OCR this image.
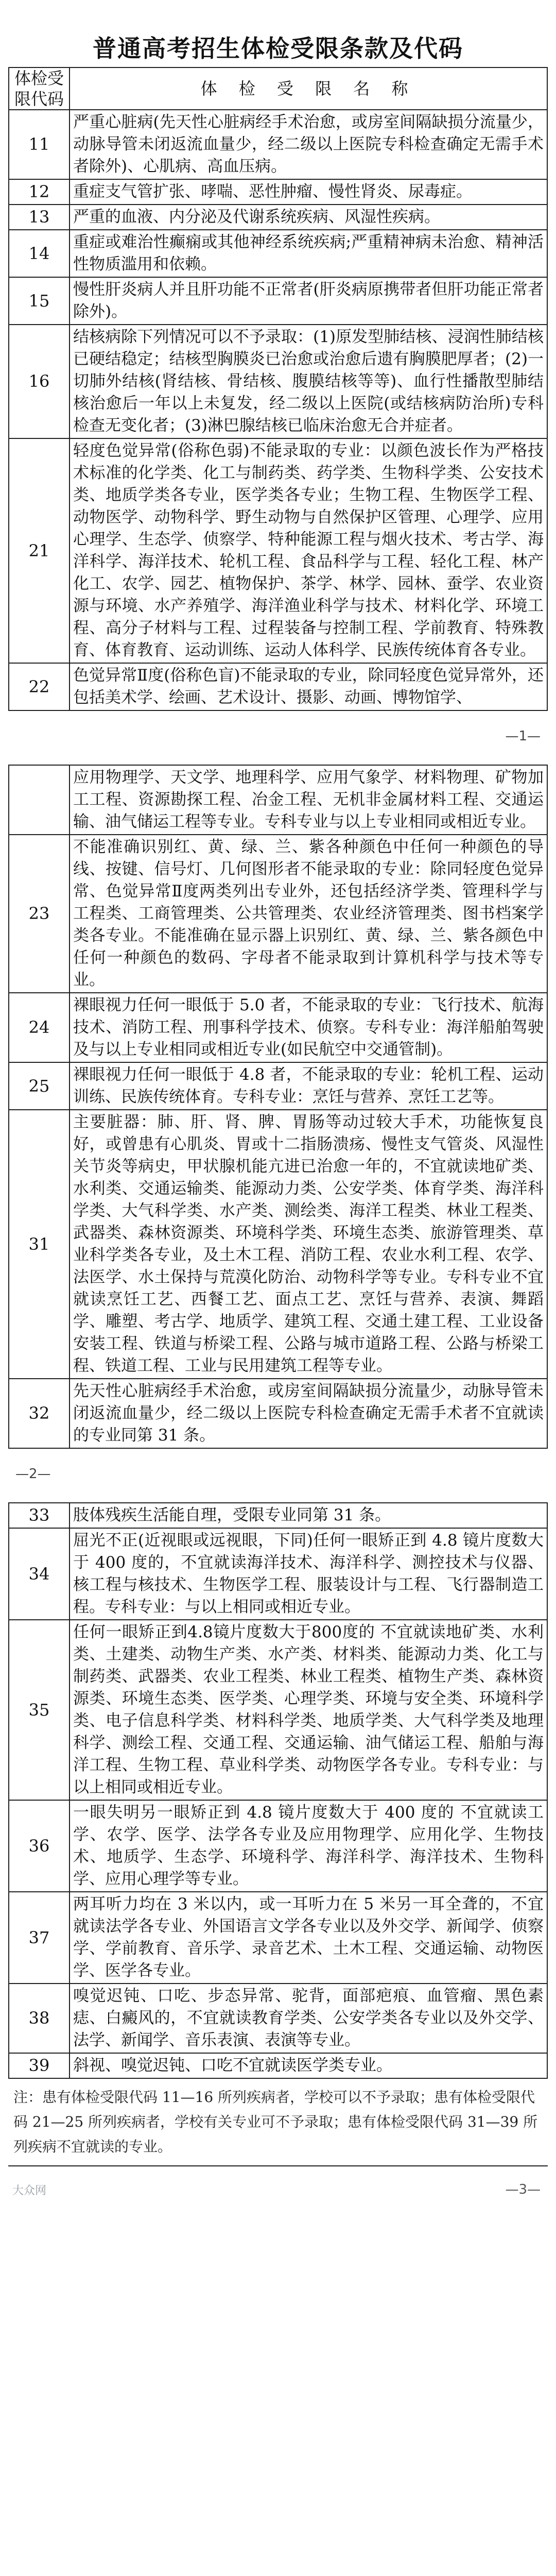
普通高考招生体检受限条款及代码
体检受限代码	体 检 受 限 名 称
11	严重心脏病(先天性心脏病经手术治愈，或房室间隔缺损分流量少，动脉导管未闭返流血量少，经二级以上医院专科检查确定无需手术者除外)、心肌病、高血压病。
12	重症支气管扩张、哮喘、恶性肿瘤、慢性肾炎、尿毒症。
13	严重的血液、内分泌及代谢系统疾病、风湿性疾病。
14	重症或难治性癫痫或其他神经系统疾病;严重精神病未治愈、精神活性物质滥用和依赖。
15	慢性肝炎病人并且肝功能不正常者(肝炎病原携带者但肝功能正常者除外)。
16	结核病除下列情况可以不予录取：(1)原发型肺结核、浸润性肺结核已硬结稳定；结核型胸膜炎已治愈或治愈后遗有胸膜肥厚者；(2)一切肺外结核(肾结核、骨结核、腹膜结核等等)、血行性播散型肺结核治愈后一年以上未复发，经二级以上医院(或结核病防治所)专科检查无变化者；(3)淋巴腺结核已临床治愈无合并症者。
21	轻度色觉异常(俗称色弱)不能录取的专业：以颜色波长作为严格技术标准的化学类、化工与制药类、药学类、生物科学类、公安技术类、地质学类各专业，医学类各专业；生物工程、生物医学工程、动物医学、动物科学、野生动物与自然保护区管理、心理学、应用心理学、生态学、侦察学、特种能源工程与烟火技术、考古学、海洋科学、海洋技术、轮机工程、食品科学与工程、轻化工程、林产化工、农学、园艺、植物保护、茶学、林学、园林、蚕学、农业资源与环境、水产养殖学、海洋渔业科学与技术、材料化学、环境工程、高分子材料与工程、过程装备与控制工程、学前教育、特殊教育、体育教育、运动训练、运动人体科学、民族传统体育各专业。
22	色觉异常Ⅱ度(俗称色盲)不能录取的专业，除同轻度色觉异常外，还包括美术学、绘画、艺术设计、摄影、动画、博物馆学、
—1—
	应用物理学、天文学、地理科学、应用气象学、材料物理、矿物加工工程、资源勘探工程、冶金工程、无机非金属材料工程、交通运输、油气储运工程等专业。专科专业与以上专业相同或相近专业。
23	不能准确识别红、黄、绿、兰、紫各种颜色中任何一种颜色的导线、按键、信号灯、几何图形者不能录取的专业：除同轻度色觉异常、色觉异常Ⅱ度两类列出专业外，还包括经济学类、管理科学与工程类、工商管理类、公共管理类、农业经济管理类、图书档案学类各专业。不能准确在显示器上识别红、黄、绿、兰、紫各颜色中任何一种颜色的数码、字母者不能录取到计算机科学与技术等专业。
24	裸眼视力任何一眼低于 5.0 者，不能录取的专业：飞行技术、航海技术、消防工程、刑事科学技术、侦察。专科专业：海洋船舶驾驶及与以上专业相同或相近专业(如民航空中交通管制)。
25	裸眼视力任何一眼低于 4.8 者，不能录取的专业：轮机工程、运动训练、民族传统体育。专科专业：烹饪与营养、烹饪工艺等。
31	主要脏器：肺、肝、肾、脾、胃肠等动过较大手术，功能恢复良好，或曾患有心肌炎、胃或十二指肠溃疡、慢性支气管炎、风湿性关节炎等病史，甲状腺机能亢进已治愈一年的，不宜就读地矿类、水利类、交通运输类、能源动力类、公安学类、体育学类、海洋科学类、大气科学类、水产类、测绘类、海洋工程类、林业工程类、武器类、森林资源类、环境科学类、环境生态类、旅游管理类、草业科学类各专业，及土木工程、消防工程、农业水利工程、农学、法医学、水土保持与荒漠化防治、动物科学等专业。专科专业不宜就读烹饪工艺、西餐工艺、面点工艺、烹饪与营养、表演、舞蹈学、雕塑、考古学、地质学、建筑工程、交通土建工程、工业设备安装工程、铁道与桥梁工程、公路与城市道路工程、公路与桥梁工程、铁道工程、工业与民用建筑工程等专业。
32	先天性心脏病经手术治愈，或房室间隔缺损分流量少，动脉导管未闭返流血量少，经二级以上医院专科检查确定无需手术者不宜就读的专业同第 31 条。
—2—
33	肢体残疾生活能自理，受限专业同第 31 条。
34	屈光不正(近视眼或远视眼，下同)任何一眼矫正到 4.8 镜片度数大于 400 度的，不宜就读海洋技术、海洋科学、测控技术与仪器、核工程与核技术、生物医学工程、服装设计与工程、飞行器制造工程。专科专业：与以上相同或相近专业。
35	任何一眼矫正到4.8镜片度数大于800度的 不宜就读地矿类、水利类、土建类、动物生产类、水产类、材料类、能源动力类、化工与制药类、武器类、农业工程类、林业工程类、植物生产类、森林资源类、环境生态类、医学类、心理学类、环境与安全类、环境科学类、电子信息科学类、材料科学类、地质学类、大气科学类及地理科学、测绘工程、交通工程、交通运输、油气储运工程、船舶与海洋工程、生物工程、草业科学类、动物医学各专业。专科专业：与以上相同或相近专业。
36	一眼失明另一眼矫正到 4.8 镜片度数大于 400 度的 不宜就读工学、农学、医学、法学各专业及应用物理学、应用化学、生物技术、地质学、生态学、环境科学、海洋科学、海洋技术、生物科学、应用心理学等专业。
37	两耳听力均在 3 米以内，或一耳听力在 5 米另一耳全聋的，不宜就读法学各专业、外国语言文学各专业以及外交学、新闻学、侦察学、学前教育、音乐学、录音艺术、土木工程、交通运输、动物医学、医学各专业。
38	嗅觉迟钝、口吃、步态异常、驼背，面部疤痕、血管瘤、黑色素痣、白癜风的，不宜就读教育学类、公安学类各专业以及外交学、法学、新闻学、音乐表演、表演等专业。
39	斜视、嗅觉迟钝、口吃不宜就读医学类专业。
注：患有体检受限代码 11—16 所列疾病者，学校可以不予录取；患有体检受限代码 21—25 所列疾病者，学校有关专业可不予录取；患有体检受限代码 31—39 所列疾病不宜就读的专业。
大众网	—3—
